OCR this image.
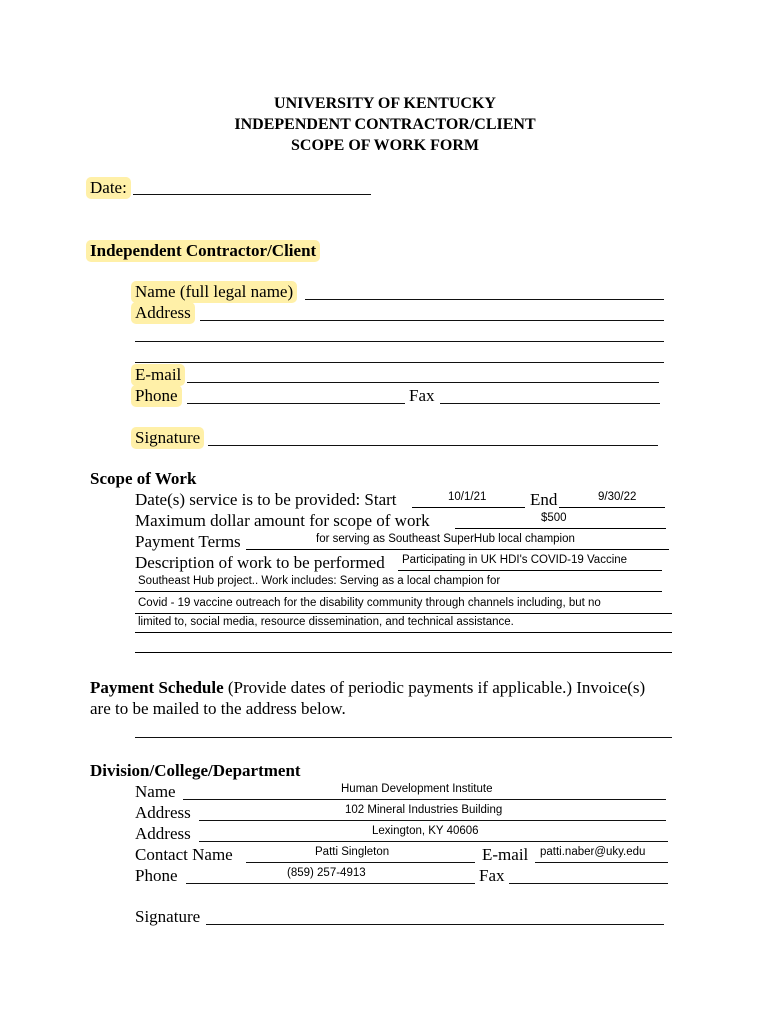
UNIVERSITY OF KENTUCKY
INDEPENDENT CONTRACTOR/CLIENT
SCOPE OF WORK FORM
Date:
Independent Contractor/Client
Name (full legal name)
Address
E-mail
Phone	Fax
Signature
Scope of Work
Date(s) service is to be provided: Start	10/1/21	End	9/30/22
Maximum dollar amount for scope of work	$500
Payment Terms	for serving as Southeast SuperHub local champion
Description of work to be performed Participating in UK HDI's COVID-19 Vaccine
Southeast Hub project.. Work includes: Serving as a local champion for
Covid - 19 vaccine outreach for the disability community through channels including, but no
limited to, social media, resource dissemination, and technical assistance.
Payment Schedule (Provide dates of periodic payments if applicable.) Invoice(s)
are to be mailed to the address below.
Division/College/Department
Name	Human Development Institute
Address	102 Mineral Industries Building
Address	Lexington, KY 40606
Contact Name	Patti Singleton	E-mail patti.naber@uky.edu
Phone	(859) 257-4913	Fax
Signature
